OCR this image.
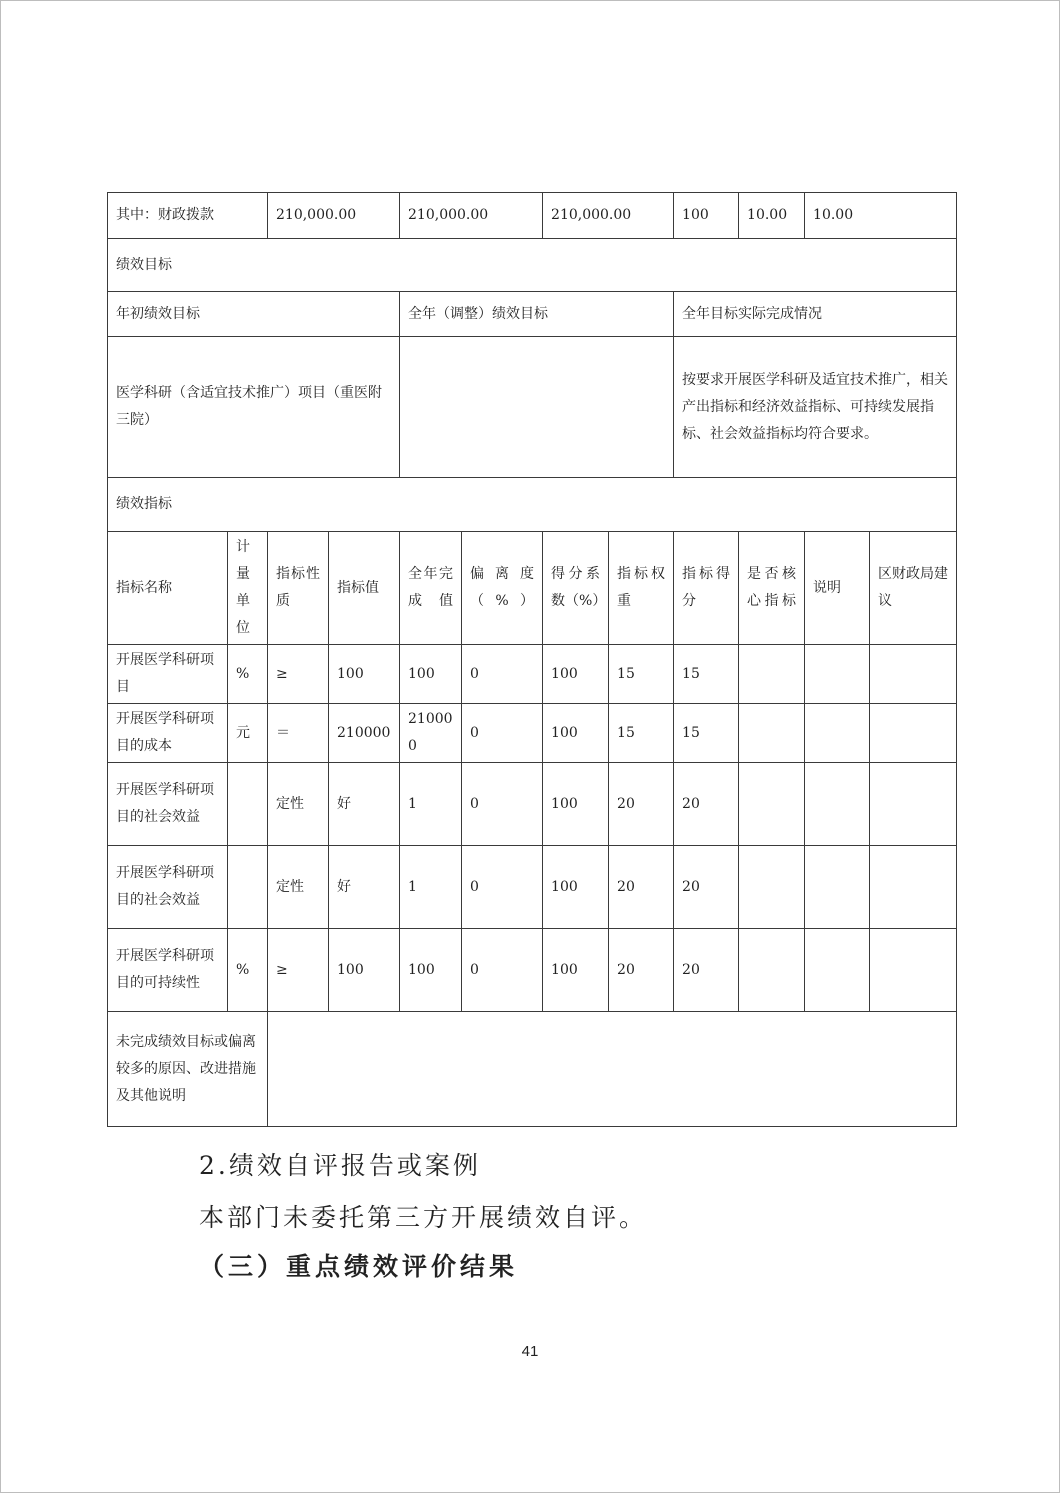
其中：财政拨款		210,000.00		210,000.00		210,000.00		100	10.00	10.00	
绩效目标											
年初绩效目标				全年（调整）绩效目标				全年目标实际完成情况			
医学科研（含适宜技术推广）项目（重医附三院）								按要求开展医学科研及适宜技术推广，相关产出指标和经济效益指标、可持续发展指标、社会效益指标均符合要求。			
绩效指标											
指标名称	计量单位	指标性质	指标值	全年完成值	偏离度（%）	得分系数（%）	指标权重	指标得分	是否核心指标	说明	区财政局建议
开展医学科研项目	%	≥	100	100	0	100	15	15			
开展医学科研项目的成本	元	＝	210000	210000	0	100	15	15			
开展医学科研项目的社会效益		定性	好	1	0	100	20	20			
开展医学科研项目的社会效益		定性	好	1	0	100	20	20			
开展医学科研项目的可持续性	%	≥	100	100	0	100	20	20			
未完成绩效目标或偏离较多的原因、改进措施及其他说明											
2.绩效自评报告或案例
本部门未委托第三方开展绩效自评。
（三）重点绩效评价结果
41
